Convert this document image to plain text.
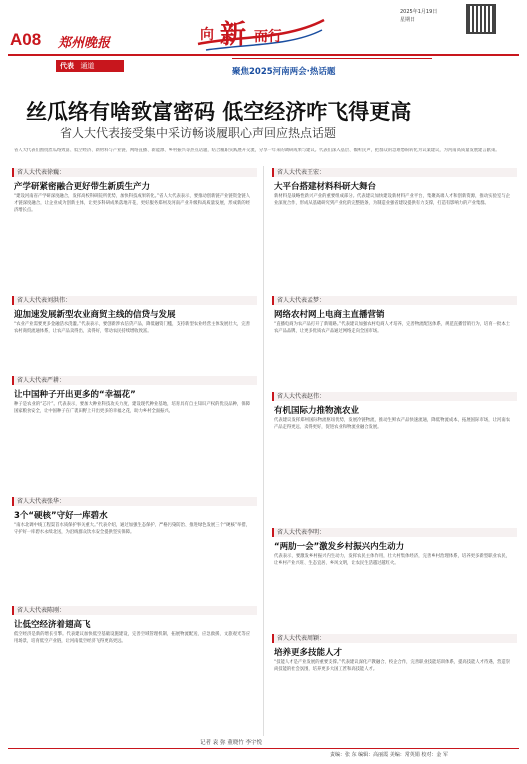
A08 郑州晚报
向 新 而行
2025年1月19日
星期日
代表 通道
聚焦2025河南两会·热话题
丝瓜络有啥致富密码 低空经济咋飞得更高
省人大代表接受集中采访畅谈履职心声回应热点话题
省人大代表们围绕丝瓜络致富、低空经济、新材料与产业链、网络直播、新能源、乡村振兴等热点话题，结合履职实践展开交流，分享一年来的调研成果与建议。代表们深入基层、倾听民声，把群众的急难愁盼转化为议案建议，为河南高质量发展建言献策。
省人大代表徐巍：
产学研紧密融合更好带生新质生产力
“建设河南省产学研深度融合，发挥高校科研院所优势，加快科技成果转化。”省人大代表表示，要推动创新链产业链资金链人才链深度融合，让企业成为创新主体，让更多科研成果落地开花，更好服务郑州及河南产业升级和高质量发展，形成新的经济增长点。
省人大代表刘洪伟：
迎加速发展新型农业商贸主线的信贷与发展
“农业产业需要更多金融活水浇灌。”代表表示，要创新涉农信贷产品，降低融资门槛，支持新型农业经营主体发展壮大，完善农村商贸流通体系，让农产品卖得出、卖得好，带动农民持续增收致富。
省人大代表严耕：
让中国种子开出更多的“幸福花”
种子是农业的“芯片”。代表表示，要加大种业科技攻关力度，建设现代种业基地，培育具有自主知识产权的优良品种，保障国家粮食安全，让中国种子在广袤田野上开出更多的幸福之花，助力乡村全面振兴。
省人大代表张华：
3个“硬核”守好一库碧水
“南水北调中线工程渠首水质保护事关重大。”代表介绍，通过加强生态保护、严格污染防治、推进绿色发展三个“硬核”举措，守护好一库碧水永续北送，为沿线群众饮水安全提供坚实保障。
省人大代表陈刚：
让低空经济着翅高飞
低空经济是新的增长引擎。代表建议加快低空基础设施建设，完善空域管理机制，拓展物流配送、应急救援、文旅观光等应用场景，培育低空产业链，让河南低空经济飞得更高更远。
省人大代表王宏：
大平台搭建材料科研大舞台
新材料是战略性新兴产业的重要组成部分。代表建议加快建设新材料产业平台，集聚高端人才和创新资源，推动实验室与企业深度合作，形成从基础研究到产业化的完整链条，为制造业强省建设提供有力支撑，打造有影响力的产业集群。
省人大代表孟梦：
网络农村网上电商主直播营销
“直播电商为农产品打开了新销路。”代表建议加强农村电商人才培养，完善物流配送体系，规范直播营销行为，培育一批本土农产品品牌，让更多优质农产品通过网络走向全国市场。
省人大代表赵伟：
有机国际力推物流农业
代表建议发挥郑州国际物流枢纽优势，发展冷链物流，推动生鲜农产品快速流通，降低物流成本，拓展国际市场，让河南农产品走得更远、卖得更好，促进农业和物流业融合发展。
省人大代表李明：
“两肋一会”激发乡村振兴内生动力
代表表示，要激发乡村振兴内生动力，发挥农民主体作用，壮大村集体经济，完善乡村治理体系，培养更多新型职业农民，让乡村产业兴旺、生态宜居、乡风文明，让农民生活越过越红火。
省人大代表周颖：
培养更多技能人才
“技能人才是产业发展的重要支撑。”代表建议深化产教融合、校企合作，完善职业技能培训体系，提高技能人才待遇，营造崇尚技能的社会氛围，培养更多大国工匠和高技能人才。
记者 袁 弥 董晓竹 李宇悦
责编：张 东 编辑：高丽霞 美编：常英娟 校对：金 军
